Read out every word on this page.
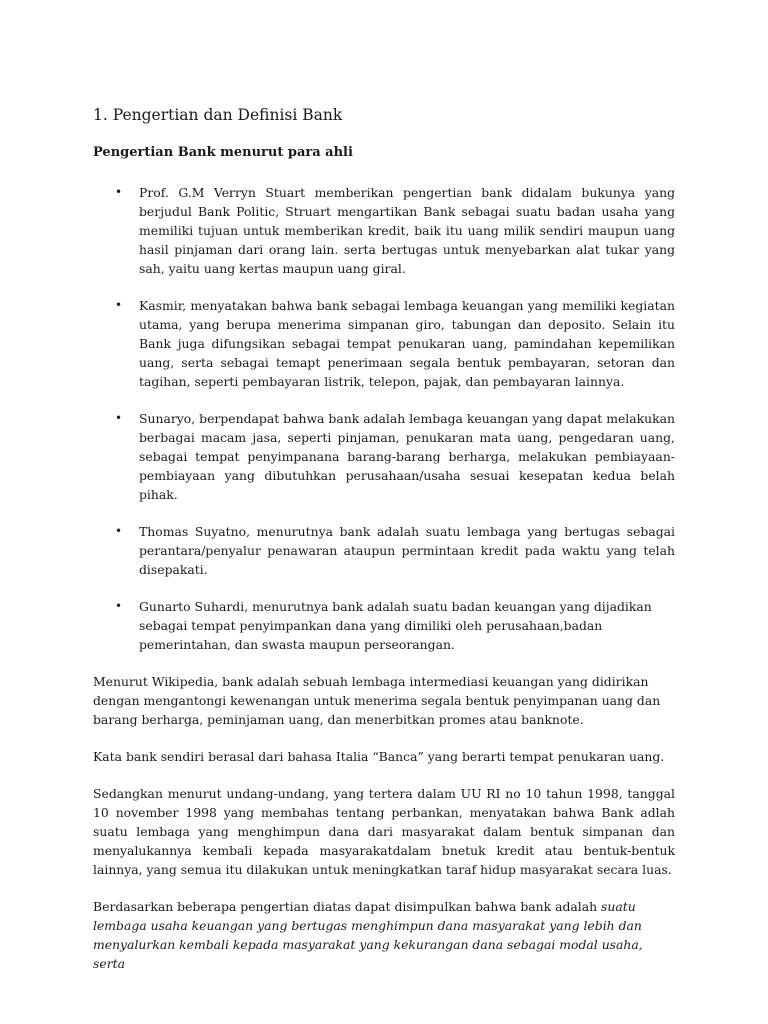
1. Pengertian dan Definisi Bank
Pengertian Bank menurut para ahli
• Prof. G.M Verryn Stuart memberikan pengertian bank didalam bukunya yang berjudul Bank Politic, Struart mengartikan Bank sebagai suatu badan usaha yang memiliki tujuan untuk memberikan kredit, baik itu uang milik sendiri maupun uang hasil pinjaman dari orang lain. serta bertugas untuk menyebarkan alat tukar yang sah, yaitu uang kertas maupun uang giral.

• Kasmir, menyatakan bahwa bank sebagai lembaga keuangan yang memiliki kegiatan utama, yang berupa menerima simpanan giro, tabungan dan deposito. Selain itu Bank juga difungsikan sebagai tempat penukaran uang, pamindahan kepemilikan uang, serta sebagai temapt penerimaan segala bentuk pembayaran, setoran dan tagihan, seperti pembayaran listrik, telepon, pajak, dan pembayaran lainnya.

• Sunaryo, berpendapat bahwa bank adalah lembaga keuangan yang dapat melakukan berbagai macam jasa, seperti pinjaman, penukaran mata uang, pengedaran uang, sebagai tempat penyimpanana barang-barang berharga, melakukan pembiayaan-pembiayaan yang dibutuhkan perusahaan/usaha sesuai kesepatan kedua belah pihak.

• Thomas Suyatno, menurutnya bank adalah suatu lembaga yang bertugas sebagai perantara/penyalur penawaran ataupun permintaan kredit pada waktu yang telah disepakati.

• Gunarto Suhardi, menurutnya bank adalah suatu badan keuangan yang dijadikan sebagai tempat penyimpankan dana yang dimiliki oleh perusahaan,badan pemerintahan, dan swasta maupun perseorangan.

Menurut Wikipedia, bank adalah sebuah lembaga intermediasi keuangan yang didirikan dengan mengantongi kewenangan untuk menerima segala bentuk penyimpanan uang dan barang berharga, peminjaman uang, dan menerbitkan promes atau banknote.

Kata bank sendiri berasal dari bahasa Italia “Banca” yang berarti tempat penukaran uang.

Sedangkan menurut undang-undang, yang tertera dalam UU RI no 10 tahun 1998, tanggal 10 november 1998 yang membahas tentang perbankan, menyatakan bahwa Bank adlah suatu lembaga yang menghimpun dana dari masyarakat dalam bentuk simpanan dan menyalukannya kembali kepada masyarakatdalam bnetuk kredit atau bentuk-bentuk lainnya, yang semua itu dilakukan untuk meningkatkan taraf hidup masyarakat secara luas.

Berdasarkan beberapa pengertian diatas dapat disimpulkan bahwa bank adalah suatu lembaga usaha keuangan yang bertugas menghimpun dana masyarakat yang lebih dan menyalurkan kembali kepada masyarakat yang kekurangan dana sebagai modal usaha, serta
